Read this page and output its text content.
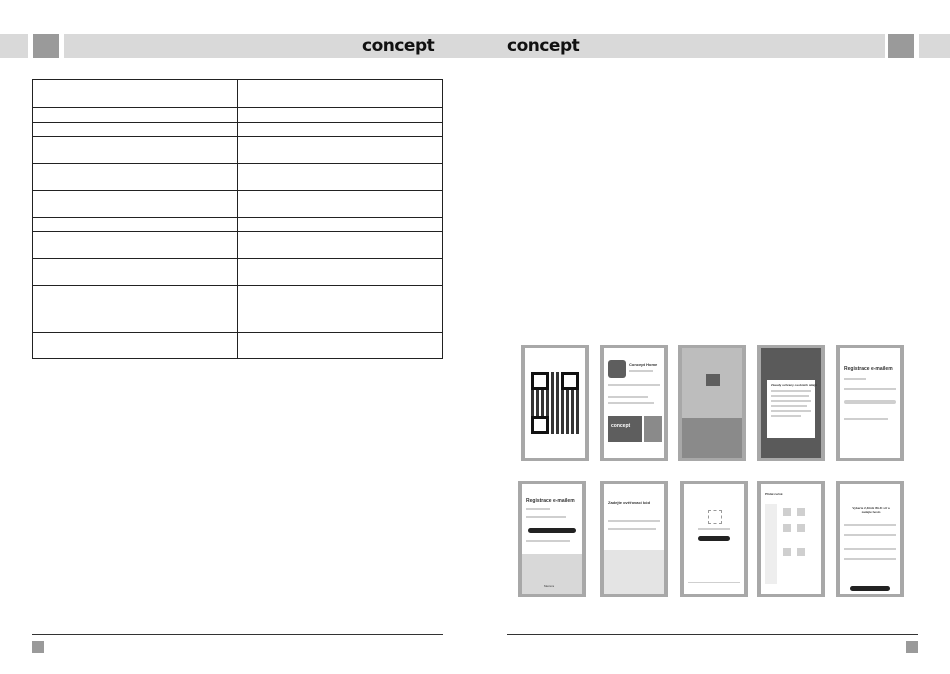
concept	concept

Concept Home
concept
Zásady ochrany osobních údajů
Registrace e-mailem
Registrace e-mailem
Mezera
Zadejte ověřovací kód
Přidat ručně
Vyberte 2,4GHz Wi-Fi síť a zadejte heslo
